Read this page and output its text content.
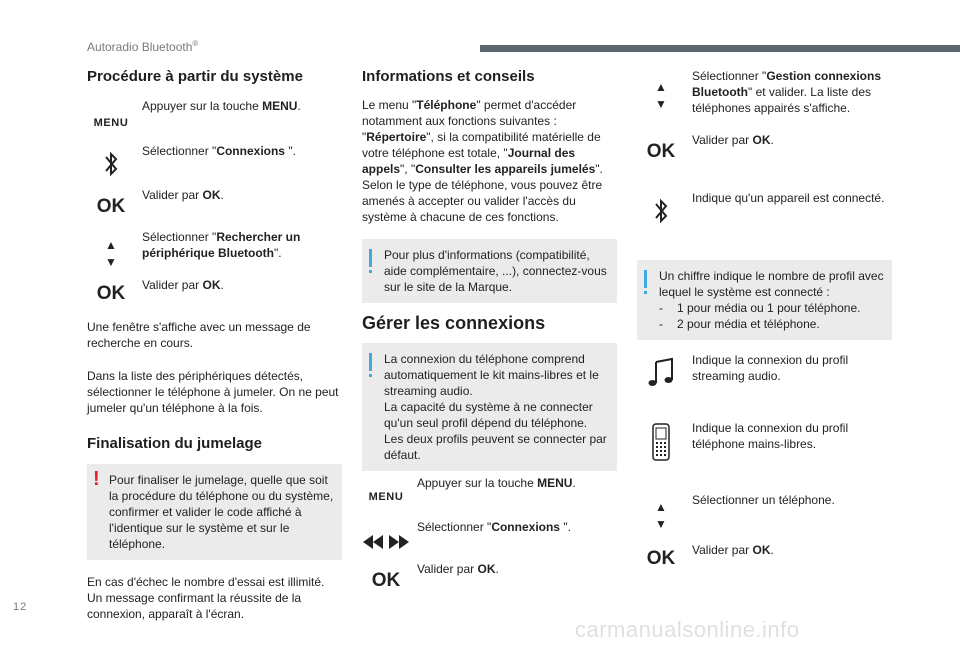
Autoradio Bluetooth®
Procédure à partir du système
MENU
Appuyer sur la touche MENU.
Sélectionner "Connexions ".
OK
Valider par OK.
▲
▼
Sélectionner "Rechercher un périphérique Bluetooth".
OK	Valider par OK.

Une fenêtre s'affiche avec un message de recherche en cours.

Dans la liste des périphériques détectés, sélectionner le téléphone à jumeler. On ne peut jumeler qu'un téléphone à la fois.

Finalisation du jumelage
! Pour finaliser le jumelage, quelle que soit la procédure du téléphone ou du système, confirmer et valider le code affiché à l'identique sur le système et sur le téléphone.

En cas d'échec le nombre d'essai est illimité. Un message confirmant la réussite de la connexion, apparaît à l'écran.

Informations et conseils

Le menu "Téléphone" permet d'accéder notamment aux fonctions suivantes : "Répertoire", si la compatibilité matérielle de votre téléphone est totale, "Journal des appels", "Consulter les appareils jumelés". Selon le type de téléphone, vous pouvez être amenés à accepter ou valider l'accès du système à chacune de ces fonctions.

Pour plus d'informations (compatibilité, aide complémentaire, ...), connectez-vous sur le site de la Marque.

Gérer les connexions

La connexion du téléphone comprend automatiquement le kit mains-libres et le streaming audio.
La capacité du système à ne connecter qu'un seul profil dépend du téléphone.
Les deux profils peuvent se connecter par défaut.

MENU
Appuyer sur la touche MENU.
Sélectionner "Connexions ".
OK
Valider par OK.
▲
▼
Sélectionner "Gestion connexions Bluetooth" et valider. La liste des téléphones appairés s'affiche.
OK
Valider par OK.
Indique qu'un appareil est connecté.

Un chiffre indique le nombre de profil avec lequel le système est connecté :

- 1 pour média ou 1 pour téléphone.

- 2 pour média et téléphone.

Indique la connexion du profil streaming audio.
Indique la connexion du profil téléphone mains-libres.
▲
▼
Sélectionner un téléphone.
OK	Valider par OK.
12
carmanualsonline.info
